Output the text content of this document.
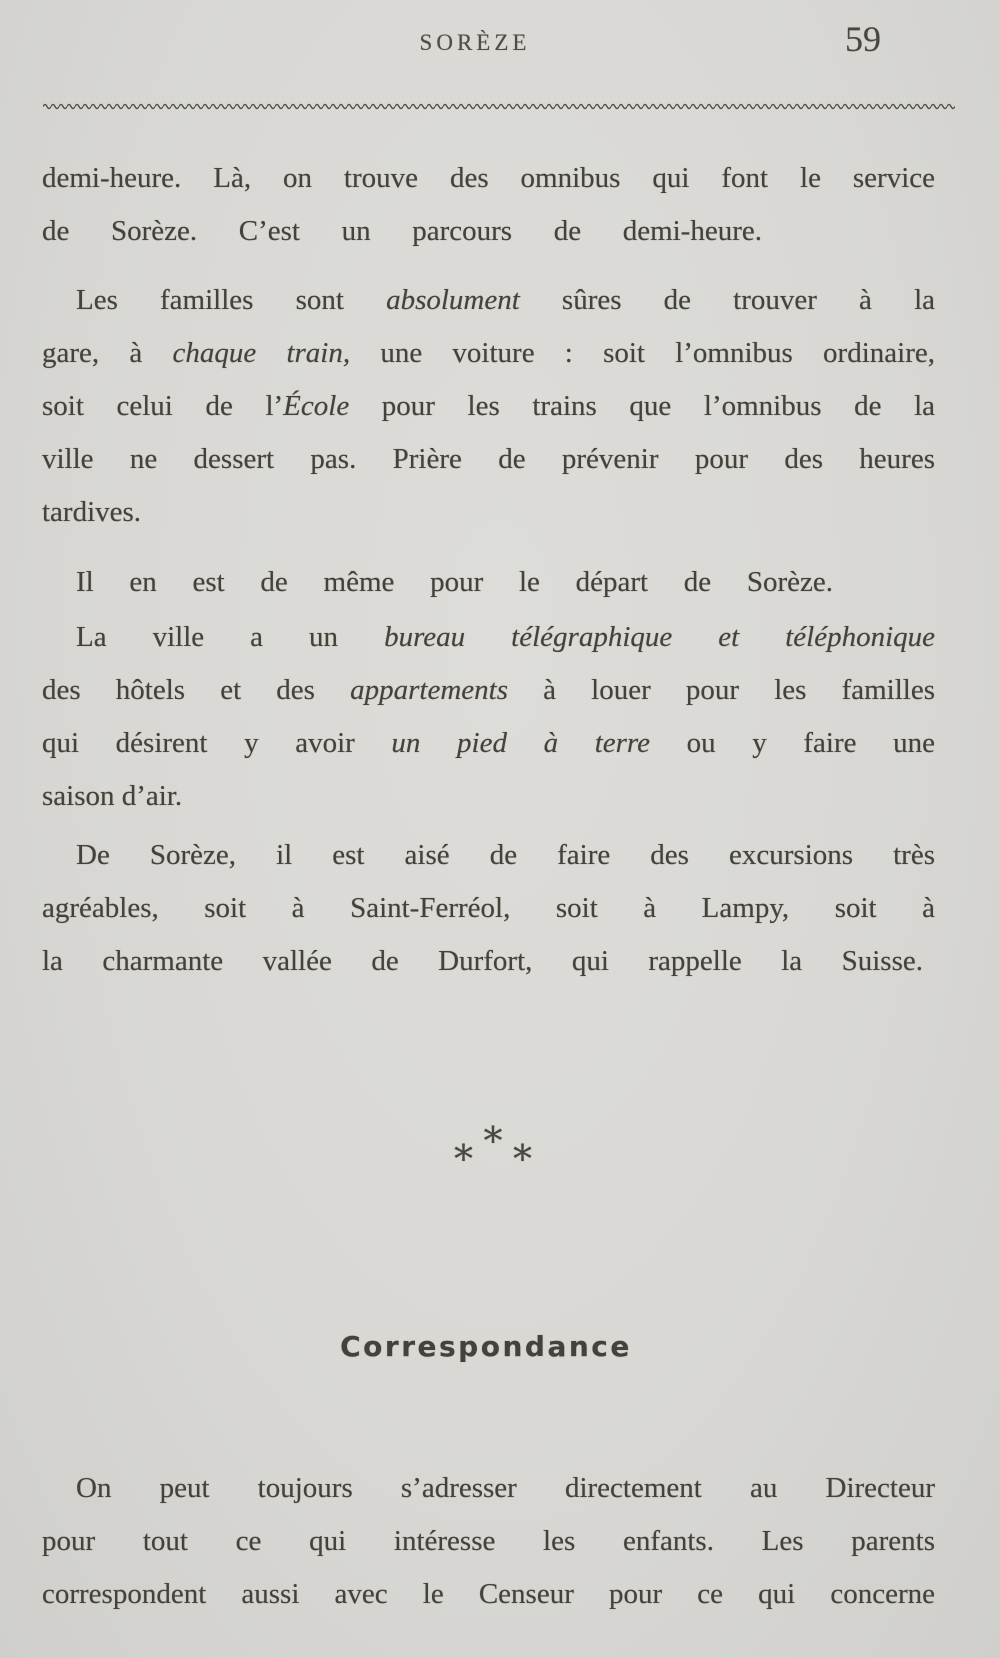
SORÈZE	59
demi-heure. Là, on trouve des omnibus qui font le service
de Sorèze. C’est un parcours de demi-heure.
Les familles sont absolument sûres de trouver à la
gare, à chaque train, une voiture : soit l’omnibus ordinaire,
soit celui de l’École pour les trains que l’omnibus de la
ville ne dessert pas. Prière de prévenir pour des heures
tardives.
Il en est de même pour le départ de Sorèze.
La ville a un bureau télégraphique et téléphonique
des hôtels et des appartements à louer pour les familles
qui désirent y avoir un pied à terre ou y faire une
saison d’air.
De Sorèze, il est aisé de faire des excursions très
agréables, soit à Saint-Ferréol, soit à Lampy, soit à
la charmante vallée de Durfort, qui rappelle la Suisse.
*
* *
Correspondance
On peut toujours s’adresser directement au Directeur
pour tout ce qui intéresse les enfants. Les parents
correspondent aussi avec le Censeur pour ce qui concerne
